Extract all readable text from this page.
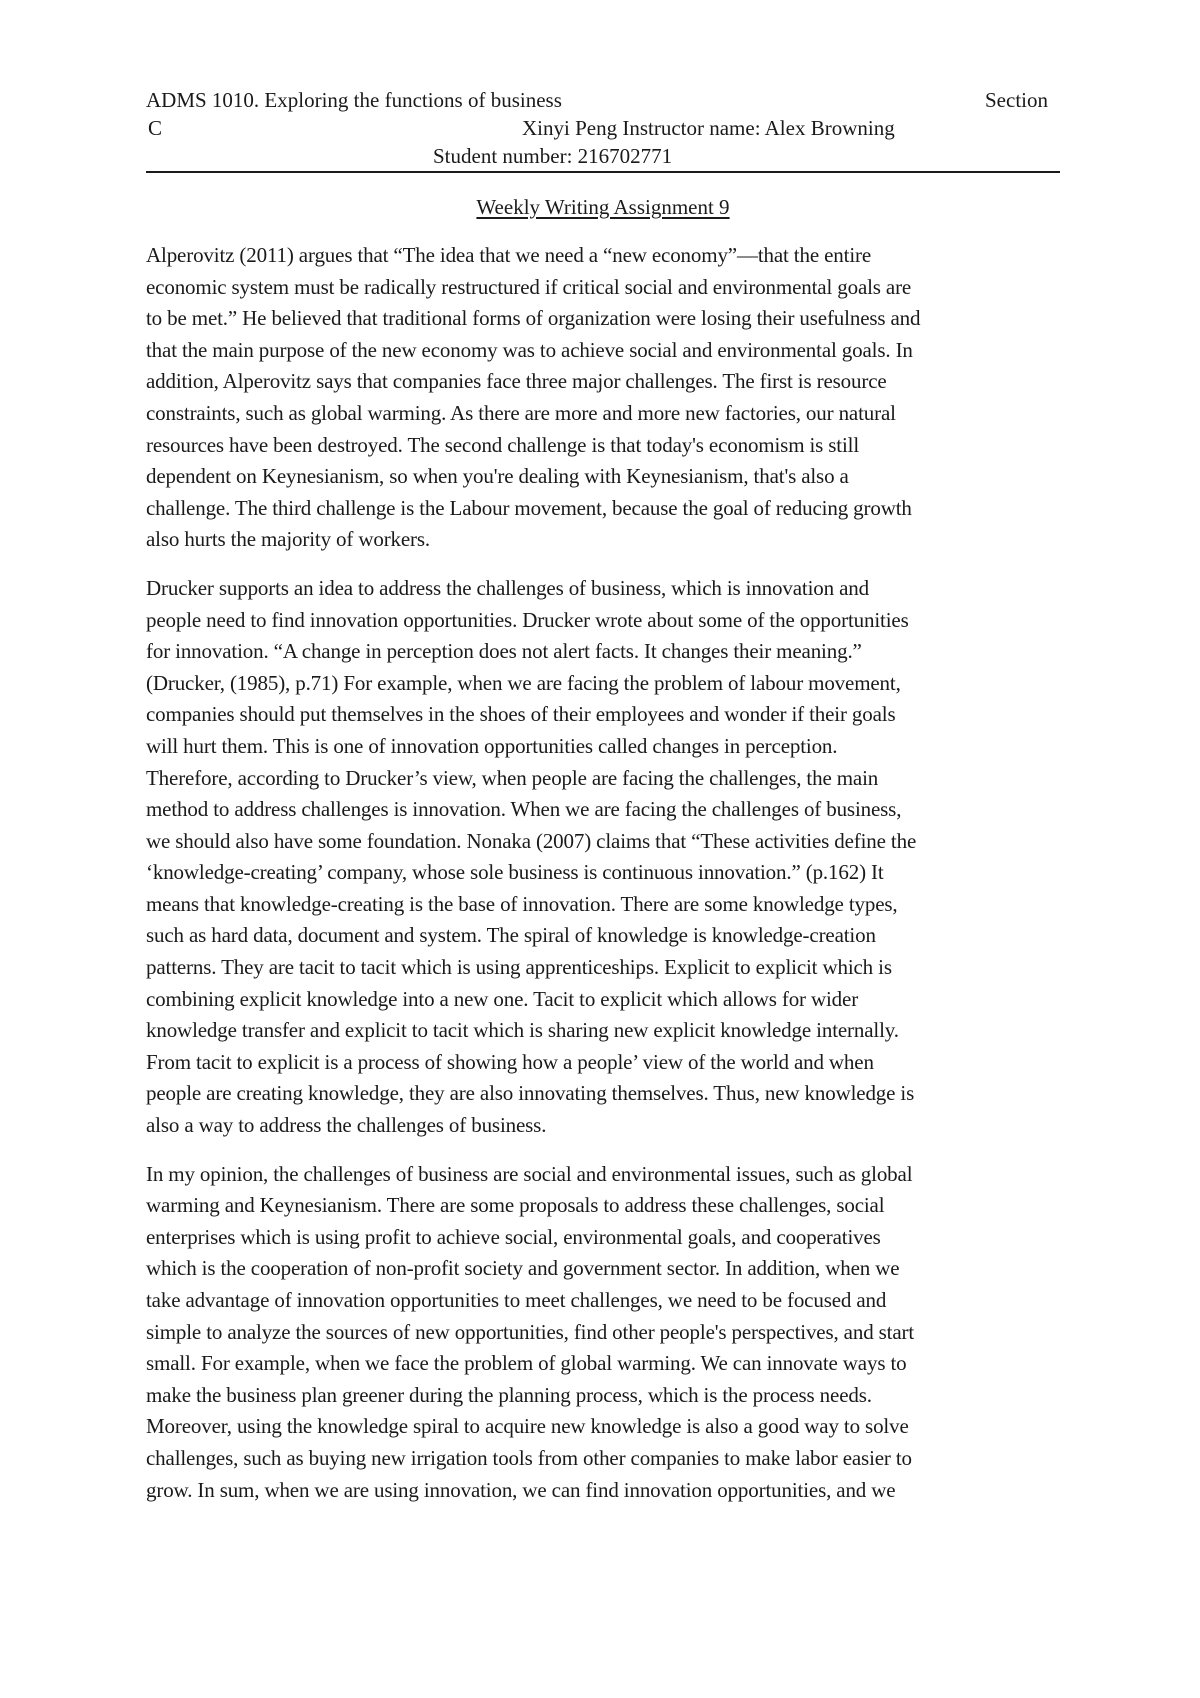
ADMS 1010. Exploring the functions of business	Section
C	Xinyi Peng Instructor name: Alex Browning
Student number: 216702771
Weekly Writing Assignment 9
Alperovitz (2011) argues that “The idea that we need a “new economy”—that the entire
economic system must be radically restructured if critical social and environmental goals are
to be met.” He believed that traditional forms of organization were losing their usefulness and
that the main purpose of the new economy was to achieve social and environmental goals. In
addition, Alperovitz says that companies face three major challenges. The first is resource
constraints, such as global warming. As there are more and more new factories, our natural
resources have been destroyed. The second challenge is that today's economism is still
dependent on Keynesianism, so when you're dealing with Keynesianism, that's also a
challenge. The third challenge is the Labour movement, because the goal of reducing growth
also hurts the majority of workers.
Drucker supports an idea to address the challenges of business, which is innovation and
people need to find innovation opportunities. Drucker wrote about some of the opportunities
for innovation. “A change in perception does not alert facts. It changes their meaning.”
(Drucker, (1985), p.71) For example, when we are facing the problem of labour movement,
companies should put themselves in the shoes of their employees and wonder if their goals
will hurt them. This is one of innovation opportunities called changes in perception.
Therefore, according to Drucker’s view, when people are facing the challenges, the main
method to address challenges is innovation. When we are facing the challenges of business,
we should also have some foundation. Nonaka (2007) claims that “These activities define the
‘knowledge-creating’ company, whose sole business is continuous innovation.” (p.162) It
means that knowledge-creating is the base of innovation. There are some knowledge types,
such as hard data, document and system. The spiral of knowledge is knowledge-creation
patterns. They are tacit to tacit which is using apprenticeships. Explicit to explicit which is
combining explicit knowledge into a new one. Tacit to explicit which allows for wider
knowledge transfer and explicit to tacit which is sharing new explicit knowledge internally.
From tacit to explicit is a process of showing how a people’ view of the world and when
people are creating knowledge, they are also innovating themselves. Thus, new knowledge is
also a way to address the challenges of business.
In my opinion, the challenges of business are social and environmental issues, such as global
warming and Keynesianism. There are some proposals to address these challenges, social
enterprises which is using profit to achieve social, environmental goals, and cooperatives
which is the cooperation of non-profit society and government sector. In addition, when we
take advantage of innovation opportunities to meet challenges, we need to be focused and
simple to analyze the sources of new opportunities, find other people's perspectives, and start
small. For example, when we face the problem of global warming. We can innovate ways to
make the business plan greener during the planning process, which is the process needs.
Moreover, using the knowledge spiral to acquire new knowledge is also a good way to solve
challenges, such as buying new irrigation tools from other companies to make labor easier to
grow. In sum, when we are using innovation, we can find innovation opportunities, and we
